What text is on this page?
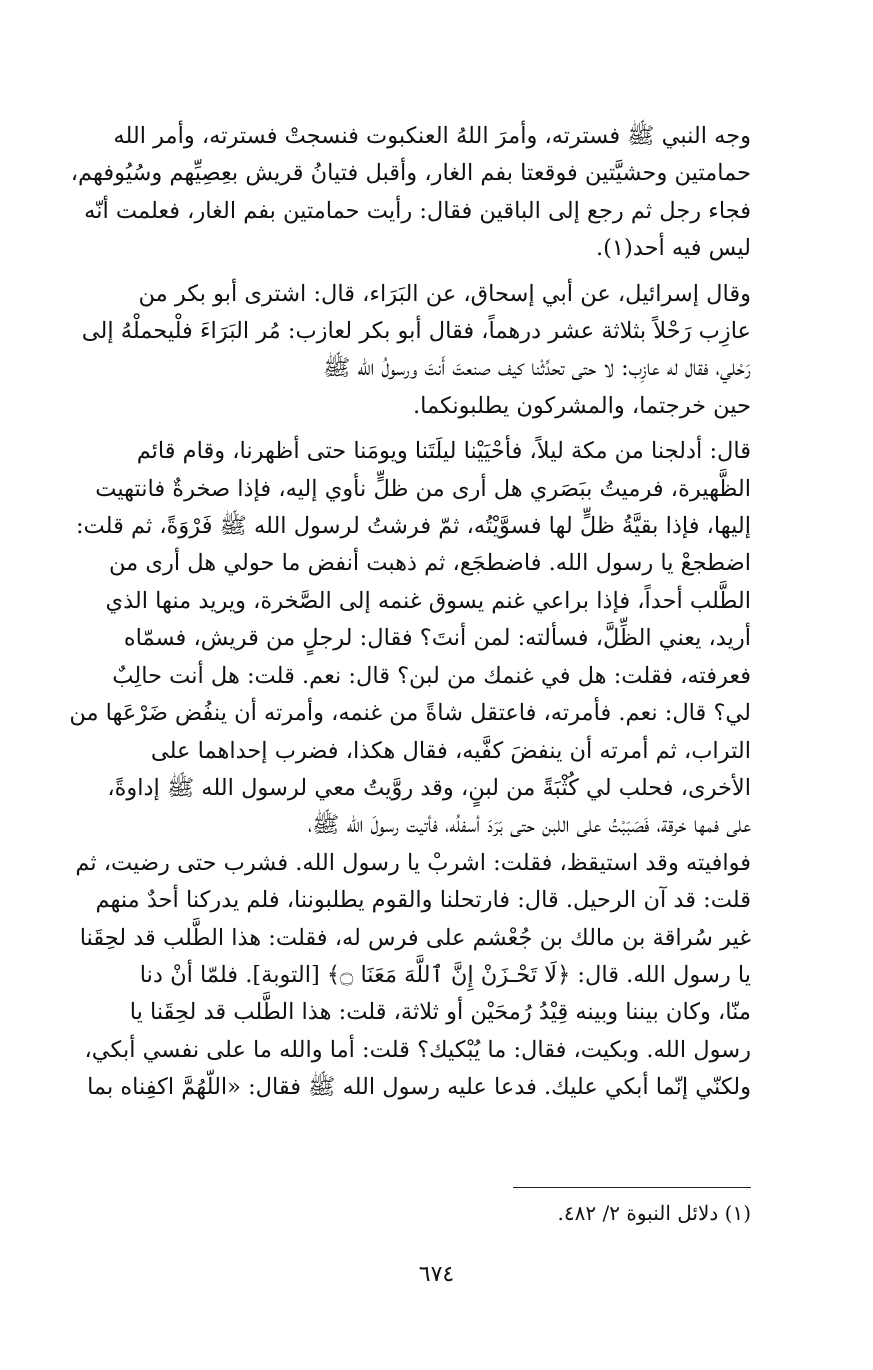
وجه النبي ﷺ فسترته، وأمرَ اللهُ العنكبوت فنسجتْ فسترته، وأمر الله
حمامتين وحشيَّتين فوقعتا بفم الغار، وأقبل فتيانُ قريش بعِصِيِّهم وسُيُوفهم،
فجاء رجل ثم رجع إلى الباقين فقال: رأيت حمامتين بفم الغار، فعلمت أنّه
ليس فيه أحد(١).
وقال إسرائيل، عن أبي إسحاق، عن البَرَاء، قال: اشترى أبو بكر من
عازِب رَحْلاً بثلاثة عشر درهماً، فقال أبو بكر لعازب: مُر البَرَاءَ فلْيحملْهُ إلى
رَحْلي، فقال له عازِب: لا حتى تحدِّثْنا كيف صنعتَ أَنتَ ورسولُ الله ﷺ
حين خرجتما، والمشركون يطلبونكما.
قال: أدلجنا من مكة ليلاً، فأحْيَيْنا ليلَتَنا ويومَنا حتى أظهرنا، وقام قائم
الظَّهيرة، فرميتُ ببَصَري هل أرى من ظلٍّ نأوي إليه، فإذا صخرةٌ فانتهيت
إليها، فإذا بقيَّةُ ظلٍّ لها فسوَّيْتُه، ثمّ فرشتُ لرسول الله ﷺ فَرْوَةً، ثم قلت:
اضطجعْ يا رسول الله. فاضطجَع، ثم ذهبت أنفض ما حولي هل أرى من
الطَّلب أحداً، فإذا براعي غنم يسوق غنمه إلى الصَّخرة، ويريد منها الذي
أريد، يعني الظِّلَّ، فسألته: لمن أنتَ؟ فقال: لرجلٍ من قريش، فسمّاه
فعرفته، فقلت: هل في غنمك من لبن؟ قال: نعم. قلت: هل أنت حالِبٌ
لي؟ قال: نعم. فأمرته، فاعتقل شاةً من غنمه، وأمرته أن ينفُض ضَرْعَها من
التراب، ثم أمرته أن ينفضَ كفَّيه، فقال هكذا، فضرب إحداهما على
الأخرى، فحلب لي كُثْبَةً من لبنٍ، وقد روَّيتُ معي لرسول الله ﷺ إداوةً،
على فمها خرقة، فَصَبَبْتُ على اللبن حتى بَرَدَ أسفلُه، فأتيت رسولَ الله ﷺ،
فوافيته وقد استيقظ، فقلت: اشربْ يا رسول الله. فشرب حتى رضيت، ثم
قلت: قد آن الرحيل. قال: فارتحلنا والقوم يطلبوننا، فلم يدركنا أحدٌ منهم
غير سُراقة بن مالك بن جُعْشم على فرس له، فقلت: هذا الطَّلب قد لحِقَنا
يا رسول الله. قال: ﴿لَا تَحْـزَنْ إِنَّ ٱللَّهَ مَعَنَا ۝﴾ [التوبة]. فلمّا أنْ دنا
منّا، وكان بيننا وبينه قِيْدُ رُمحَيْن أو ثلاثة، قلت: هذا الطَّلب قد لحِقَنا يا
رسول الله. وبكيت، فقال: ما يُبْكيك؟ قلت: أما والله ما على نفسي أبكي،
ولكنّي إنّما أبكي عليك. فدعا عليه رسول الله ﷺ فقال: «اللّهُمَّ اكفِناه بما
(١) دلائل النبوة ٢/ ٤٨٢.
٦٧٤
